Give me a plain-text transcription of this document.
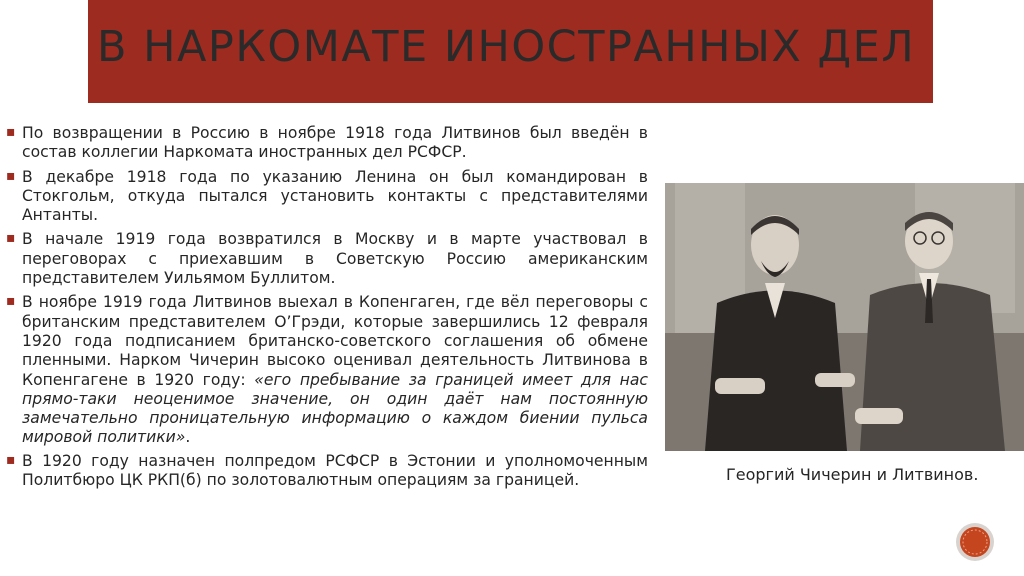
В НАРКОМАТЕ ИНОСТРАННЫХ ДЕЛ
▪ По возвращении в Россию в ноябре 1918 года Литвинов был введён в состав коллегии Наркомата иностранных дел РСФСР.
▪ В декабре 1918 года по указанию Ленина он был командирован в Стокгольм, откуда пытался установить контакты с представителями Антанты.
▪ В начале 1919 года возвратился в Москву и в марте участвовал в переговорах с приехавшим в Советскую Россию американским представителем Уильямом Буллитом.
▪ В ноябре 1919 года Литвинов выехал в Копенгаген, где вёл переговоры с британским представителем О’Грэди, которые завершились 12 февраля 1920 года подписанием британско-советского соглашения об обмене пленными. Нарком Чичерин высоко оценивал деятельность Литвинова в Копенгагене в 1920 году: «его пребывание за границей имеет для нас прямо-таки неоценимое значение, он один даёт нам постоянную замечательно проницательную информацию о каждом биении пульса мировой политики».
▪ В 1920 году назначен полпредом РСФСР в Эстонии и уполномоченным Политбюро ЦК РКП(б) по золотовалютным операциям за границей.	Георгий Чичерин и Литвинов.
